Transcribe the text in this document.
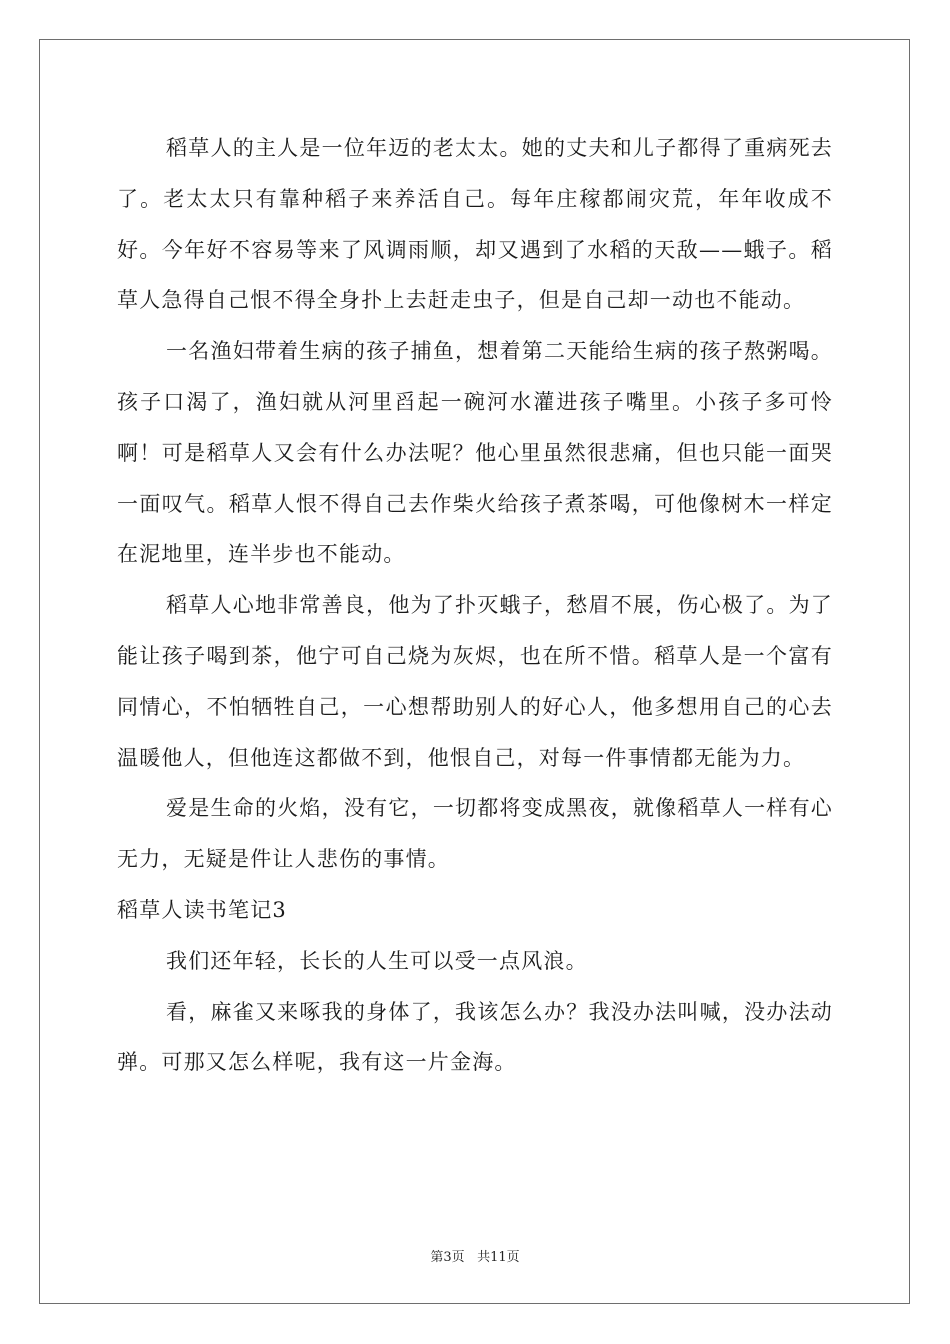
稻草人的主人是一位年迈的老太太。她的丈夫和儿子都得了重病死去了。老太太只有靠种稻子来养活自己。每年庄稼都闹灾荒，年年收成不好。今年好不容易等来了风调雨顺，却又遇到了水稻的天敌——蛾子。稻草人急得自己恨不得全身扑上去赶走虫子，但是自己却一动也不能动。

一名渔妇带着生病的孩子捕鱼，想着第二天能给生病的孩子熬粥喝。孩子口渴了，渔妇就从河里舀起一碗河水灌进孩子嘴里。小孩子多可怜啊！可是稻草人又会有什么办法呢？他心里虽然很悲痛，但也只能一面哭一面叹气。稻草人恨不得自己去作柴火给孩子煮茶喝，可他像树木一样定在泥地里，连半步也不能动。

稻草人心地非常善良，他为了扑灭蛾子，愁眉不展，伤心极了。为了能让孩子喝到茶，他宁可自己烧为灰烬，也在所不惜。稻草人是一个富有同情心，不怕牺牲自己，一心想帮助别人的好心人，他多想用自己的心去温暖他人，但他连这都做不到，他恨自己，对每一件事情都无能为力。

爱是生命的火焰，没有它，一切都将变成黑夜，就像稻草人一样有心无力，无疑是件让人悲伤的事情。

稻草人读书笔记3

我们还年轻，长长的人生可以受一点风浪。

看，麻雀又来啄我的身体了，我该怎么办？我没办法叫喊，没办法动弹。可那又怎么样呢，我有这一片金海。

第3页 共11页
